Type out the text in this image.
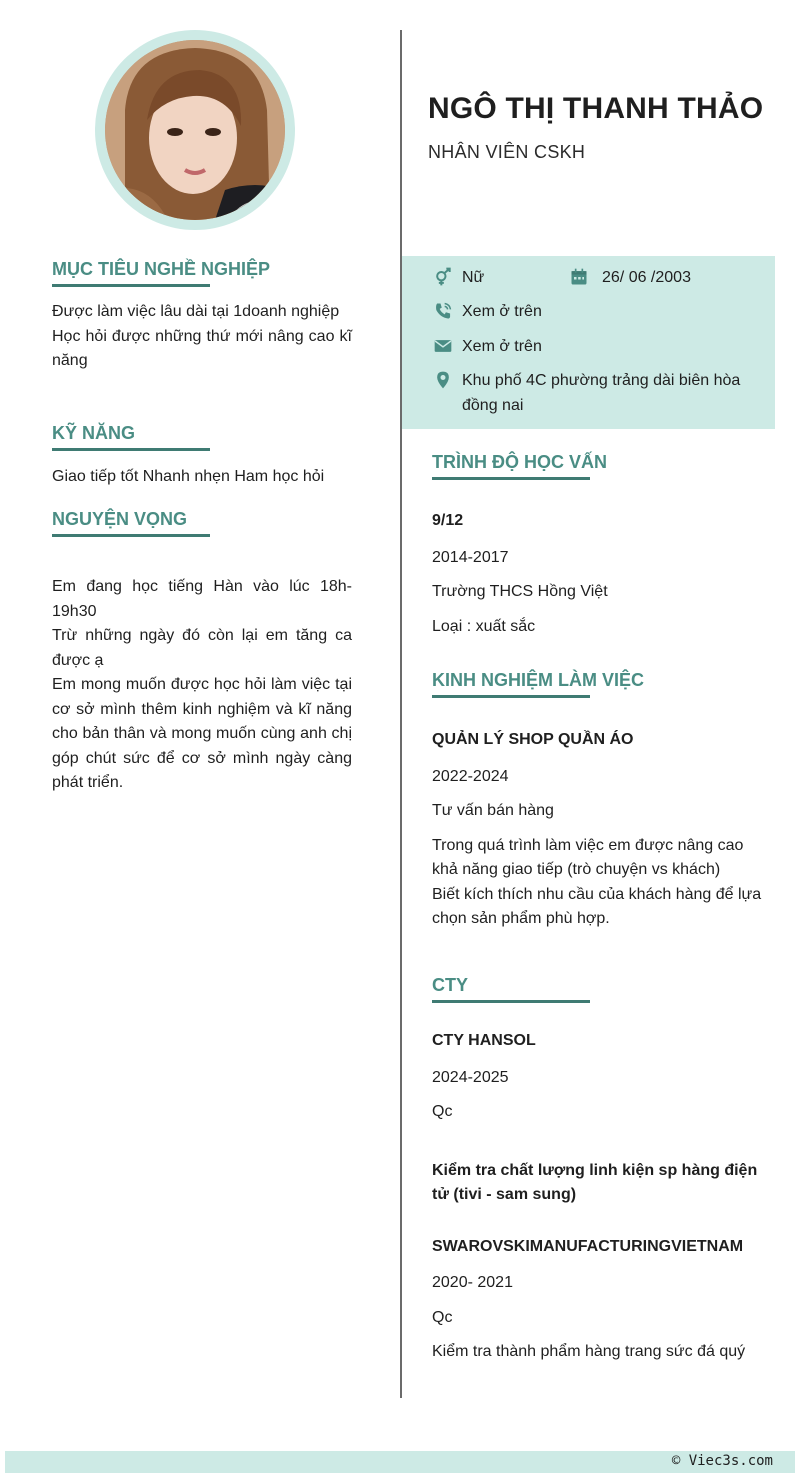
MỤC TIÊU NGHỀ NGHIỆP
Được làm việc lâu dài tại 1doanh nghiệp
Học hỏi được những thứ mới nâng cao kĩ năng
KỸ NĂNG
Giao tiếp tốt Nhanh nhẹn Ham học hỏi
NGUYỆN VỌNG
Em đang học tiếng Hàn vào lúc 18h-19h30
Trừ những ngày đó còn lại em tăng ca được ạ
Em mong muốn được học hỏi làm việc tại cơ sở mình thêm kinh nghiệm và kĩ năng cho bản thân và mong muốn cùng anh chị góp chút sức để cơ sở mình ngày càng phát triển.
NGÔ THỊ THANH THẢO
NHÂN VIÊN CSKH
Nữ	26/ 06 /2003
Xem ở trên
Xem ở trên
Khu phố 4C phường trảng dài biên hòa đồng nai
TRÌNH ĐỘ HỌC VẤN
9/12
2014-2017
Trường THCS Hồng Việt
Loại : xuất sắc
KINH NGHIỆM LÀM VIỆC
QUẢN LÝ SHOP QUẦN ÁO
2022-2024
Tư vấn bán hàng
Trong quá trình làm việc em được nâng cao khả năng giao tiếp (trò chuyện vs khách)
Biết kích thích nhu cầu của khách hàng để lựa chọn sản phẩm phù hợp.
CTY
CTY HANSOL
2024-2025
Qc
Kiểm tra chất lượng linh kiện sp hàng điện tử (tivi - sam sung)
SWAROVSKIMANUFACTURINGVIETNAM
2020- 2021
Qc
Kiểm tra thành phẩm hàng trang sức đá quý
© Viec3s.com
